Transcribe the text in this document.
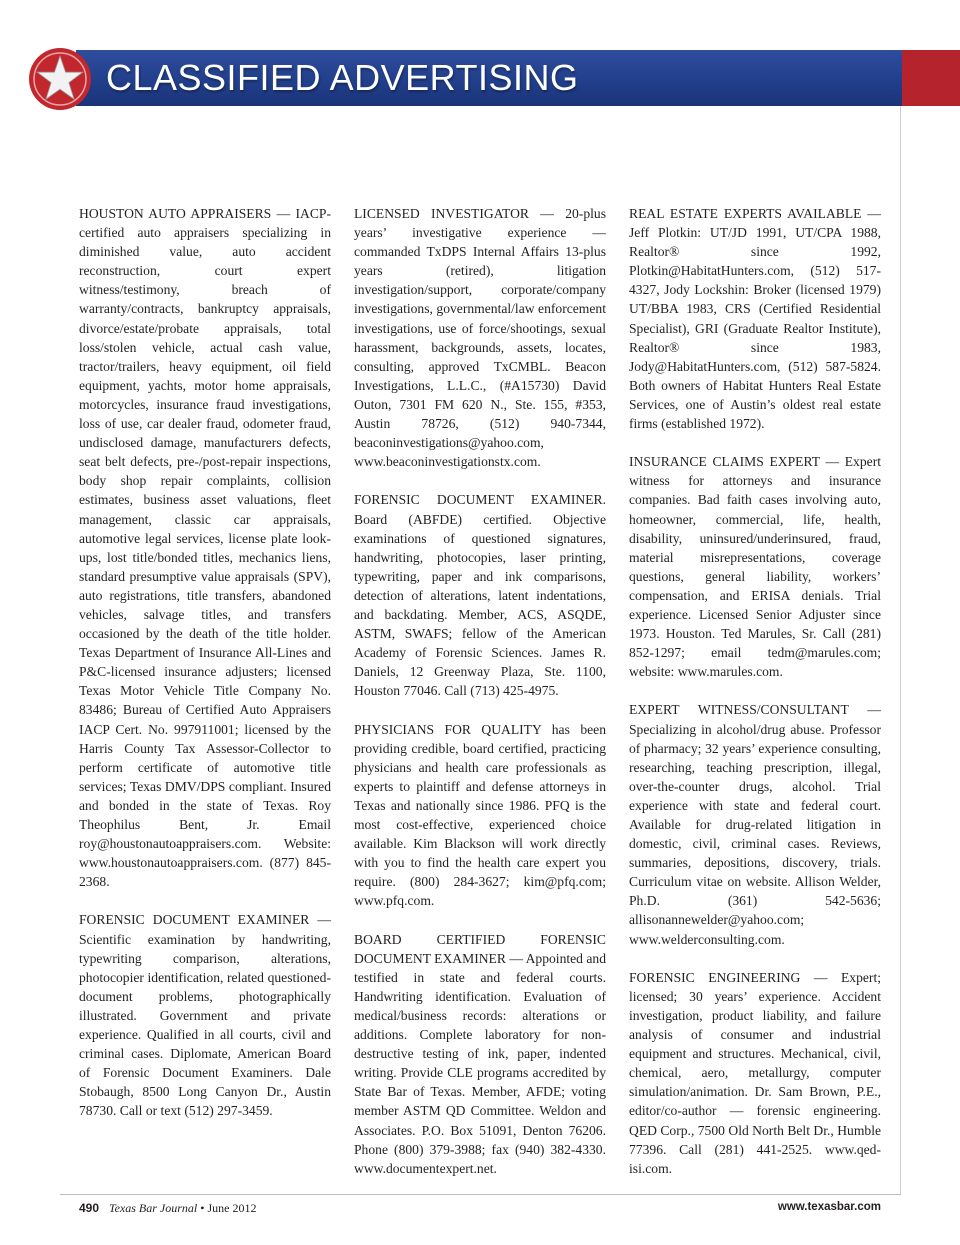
CLASSIFIED ADVERTISING

HOUSTON AUTO APPRAISERS — IACP-certified auto appraisers specializing in diminished value, auto accident reconstruction, court expert witness/testimony, breach of warranty/contracts, bankruptcy appraisals, divorce/estate/probate appraisals, total loss/stolen vehicle, actual cash value, tractor/trailers, heavy equipment, oil field equipment, yachts, motor home appraisals, motorcycles, insurance fraud investigations, loss of use, car dealer fraud, odometer fraud, undisclosed damage, manufacturers defects, seat belt defects, pre-/post-repair inspections, body shop repair complaints, collision estimates, business asset valuations, fleet management, classic car appraisals, automotive legal services, license plate look-ups, lost title/bonded titles, mechanics liens, standard presumptive value appraisals (SPV), auto registrations, title transfers, abandoned vehicles, salvage titles, and transfers occasioned by the death of the title holder. Texas Department of Insurance All-Lines and P&C-licensed insurance adjusters; licensed Texas Motor Vehicle Title Company No. 83486; Bureau of Certified Auto Appraisers IACP Cert. No. 997911001; licensed by the Harris County Tax Assessor-Collector to perform certificate of automotive title services; Texas DMV/DPS compliant. Insured and bonded in the state of Texas. Roy Theophilus Bent, Jr. Email roy@houstonautoappraisers.com. Website: www.houstonautoappraisers.com. (877) 845-2368.

FORENSIC DOCUMENT EXAMINER — Scientific examination by handwriting, typewriting comparison, alterations, photocopier identification, related questioned-document problems, photographically illustrated. Government and private experience. Qualified in all courts, civil and criminal cases. Diplomate, American Board of Forensic Document Examiners. Dale Stobaugh, 8500 Long Canyon Dr., Austin 78730. Call or text (512) 297-3459.

LICENSED INVESTIGATOR — 20-plus years’ investigative experience — commanded TxDPS Internal Affairs 13-plus years (retired), litigation investigation/support, corporate/company investigations, governmental/law enforcement investigations, use of force/shootings, sexual harassment, backgrounds, assets, locates, consulting, approved TxCMBL. Beacon Investigations, L.L.C., (#A15730) David Outon, 7301 FM 620 N., Ste. 155, #353, Austin 78726, (512) 940-7344, beaconinvestigations@yahoo.com, www.beaconinvestigationstx.com.

FORENSIC DOCUMENT EXAMINER. Board (ABFDE) certified. Objective examinations of questioned signatures, handwriting, photocopies, laser printing, typewriting, paper and ink comparisons, detection of alterations, latent indentations, and backdating. Member, ACS, ASQDE, ASTM, SWAFS; fellow of the American Academy of Forensic Sciences. James R. Daniels, 12 Greenway Plaza, Ste. 1100, Houston 77046. Call (713) 425-4975.

PHYSICIANS FOR QUALITY has been providing credible, board certified, practicing physicians and health care professionals as experts to plaintiff and defense attorneys in Texas and nationally since 1986. PFQ is the most cost-effective, experienced choice available. Kim Blackson will work directly with you to find the health care expert you require. (800) 284-3627; kim@pfq.com; www.pfq.com.

BOARD CERTIFIED FORENSIC DOCUMENT EXAMINER — Appointed and testified in state and federal courts. Handwriting identification. Evaluation of medical/business records: alterations or additions. Complete laboratory for non-destructive testing of ink, paper, indented writing. Provide CLE programs accredited by State Bar of Texas. Member, AFDE; voting member ASTM QD Committee. Weldon and Associates. P.O. Box 51091, Denton 76206. Phone (800) 379-3988; fax (940) 382-4330. www.documentexpert.net.

REAL ESTATE EXPERTS AVAILABLE — Jeff Plotkin: UT/JD 1991, UT/CPA 1988, Realtor® since 1992, Plotkin@HabitatHunters.com, (512) 517-4327, Jody Lockshin: Broker (licensed 1979) UT/BBA 1983, CRS (Certified Residential Specialist), GRI (Graduate Realtor Institute), Realtor® since 1983, Jody@HabitatHunters.com, (512) 587-5824. Both owners of Habitat Hunters Real Estate Services, one of Austin’s oldest real estate firms (established 1972).

INSURANCE CLAIMS EXPERT — Expert witness for attorneys and insurance companies. Bad faith cases involving auto, homeowner, commercial, life, health, disability, uninsured/underinsured, fraud, material misrepresentations, coverage questions, general liability, workers’ compensation, and ERISA denials. Trial experience. Licensed Senior Adjuster since 1973. Houston. Ted Marules, Sr. Call (281) 852-1297; email tedm@marules.com; website: www.marules.com.

EXPERT WITNESS/CONSULTANT — Specializing in alcohol/drug abuse. Professor of pharmacy; 32 years’ experience consulting, researching, teaching prescription, illegal, over-the-counter drugs, alcohol. Trial experience with state and federal court. Available for drug-related litigation in domestic, civil, criminal cases. Reviews, summaries, depositions, discovery, trials. Curriculum vitae on website. Allison Welder, Ph.D. (361) 542-5636; allisonannewelder@yahoo.com; www.welderconsulting.com.

FORENSIC ENGINEERING — Expert; licensed; 30 years’ experience. Accident investigation, product liability, and failure analysis of consumer and industrial equipment and structures. Mechanical, civil, chemical, aero, metallurgy, computer simulation/animation. Dr. Sam Brown, P.E., editor/co-author — forensic engineering. QED Corp., 7500 Old North Belt Dr., Humble 77396. Call (281) 441-2525. www.qed-isi.com.

490 Texas Bar Journal • June 2012	www.texasbar.com
